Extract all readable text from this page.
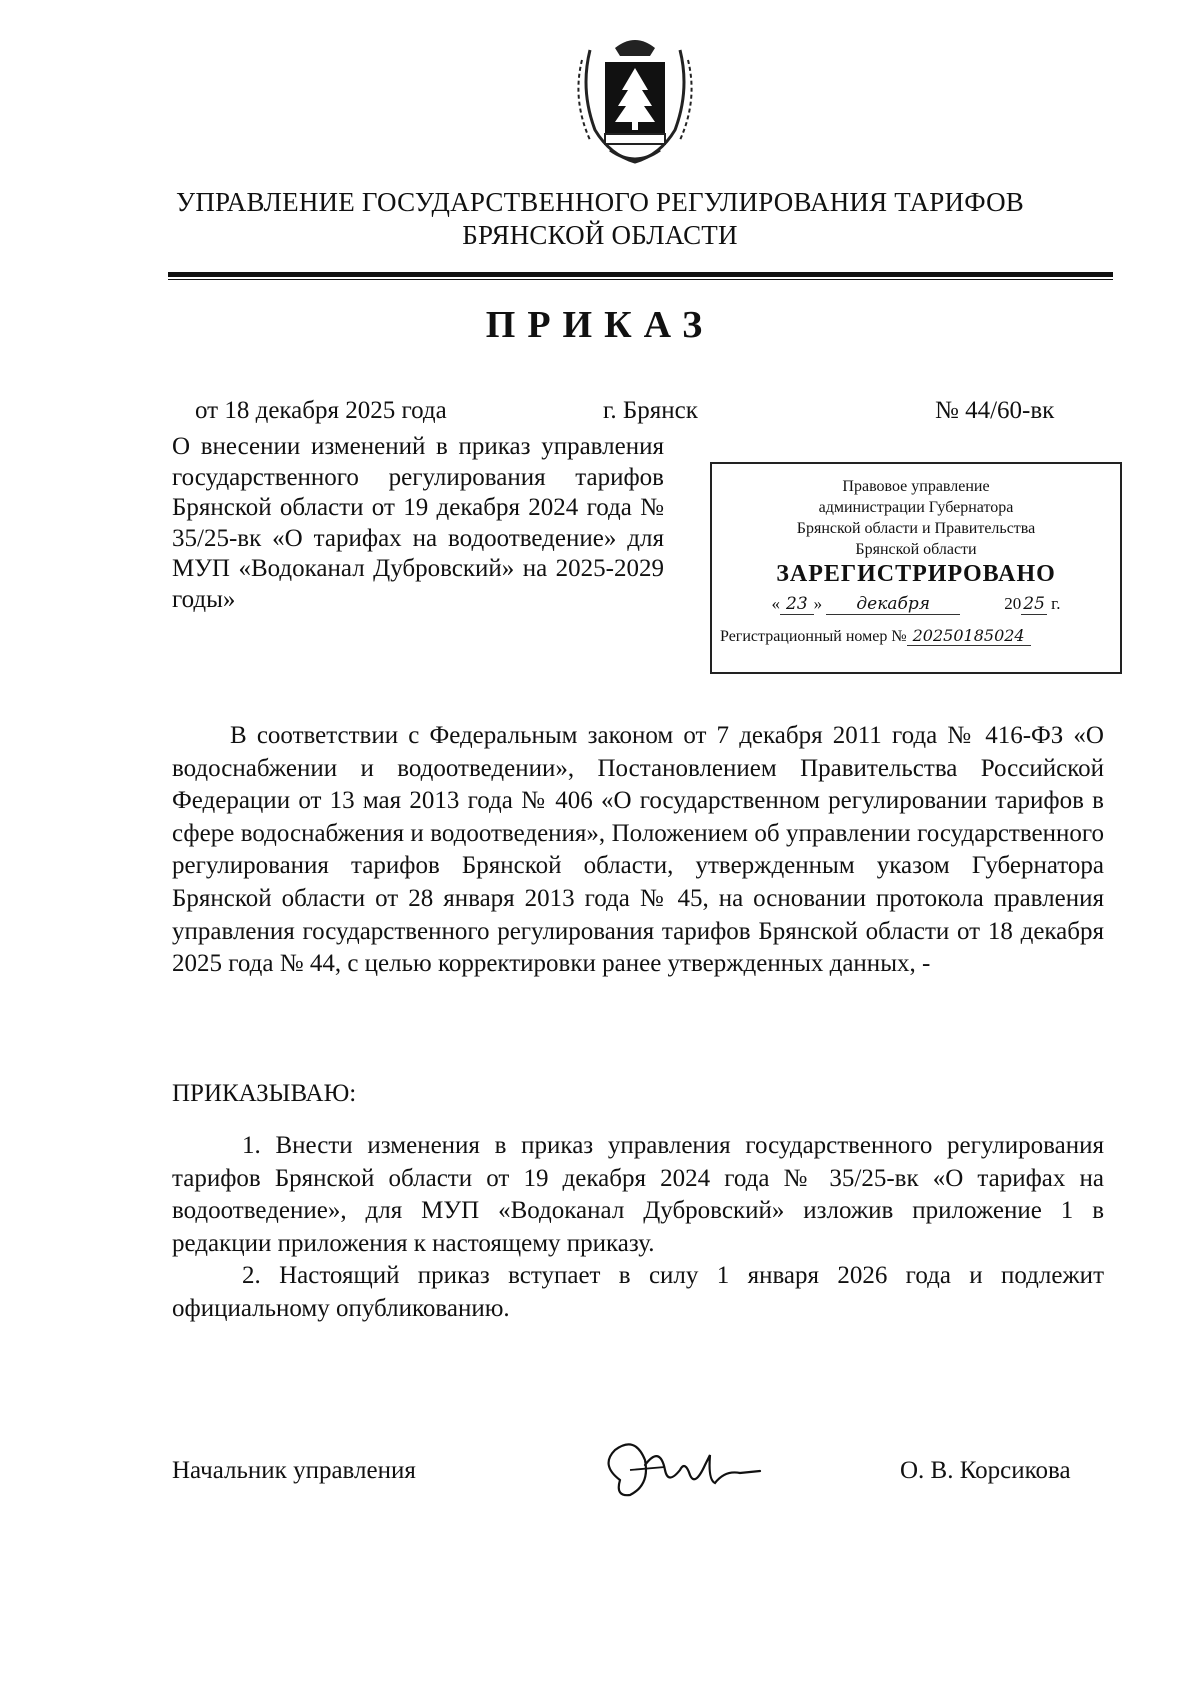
УПРАВЛЕНИЕ ГОСУДАРСТВЕННОГО РЕГУЛИРОВАНИЯ ТАРИФОВ
БРЯНСКОЙ ОБЛАСТИ
ПРИКАЗ
от 18 декабря 2025 года	г. Брянск	№ 44/60-вк
О внесении изменений в приказ управления государственного регулирования тарифов Брянской области от 19 декабря 2024 года № 35/25-вк «О тарифах на водоотведение» для МУП «Водоканал Дубровский» на 2025-2029 годы»
Правовое управление
администрации Губернатора
Брянской области и Правительства
Брянской области
ЗАРЕГИСТРИРОВАНО
« 23 » декабря	20 25 г.
Регистрационный номер № 20250185024
В соответствии с Федеральным законом от 7 декабря 2011 года № 416-ФЗ «О водоснабжении и водоотведении», Постановлением Правительства Российской Федерации от 13 мая 2013 года № 406 «О государственном регулировании тарифов в сфере водоснабжения и водоотведения», Положением об управлении государственного регулирования тарифов Брянской области, утвержденным указом Губернатора Брянской области от 28 января 2013 года № 45, на основании протокола правления управления государственного регулирования тарифов Брянской области от 18 декабря 2025 года № 44, с целью корректировки ранее утвержденных данных, -
ПРИКАЗЫВАЮ:

1. Внести изменения в приказ управления государственного регулирования тарифов Брянской области от 19 декабря 2024 года № 35/25-вк «О тарифах на водоотведение», для МУП «Водоканал Дубровский» изложив приложение 1 в редакции приложения к настоящему приказу.

2. Настоящий приказ вступает в силу 1 января 2026 года и подлежит официальному опубликованию.

Начальник управления	О. В. Корсикова
